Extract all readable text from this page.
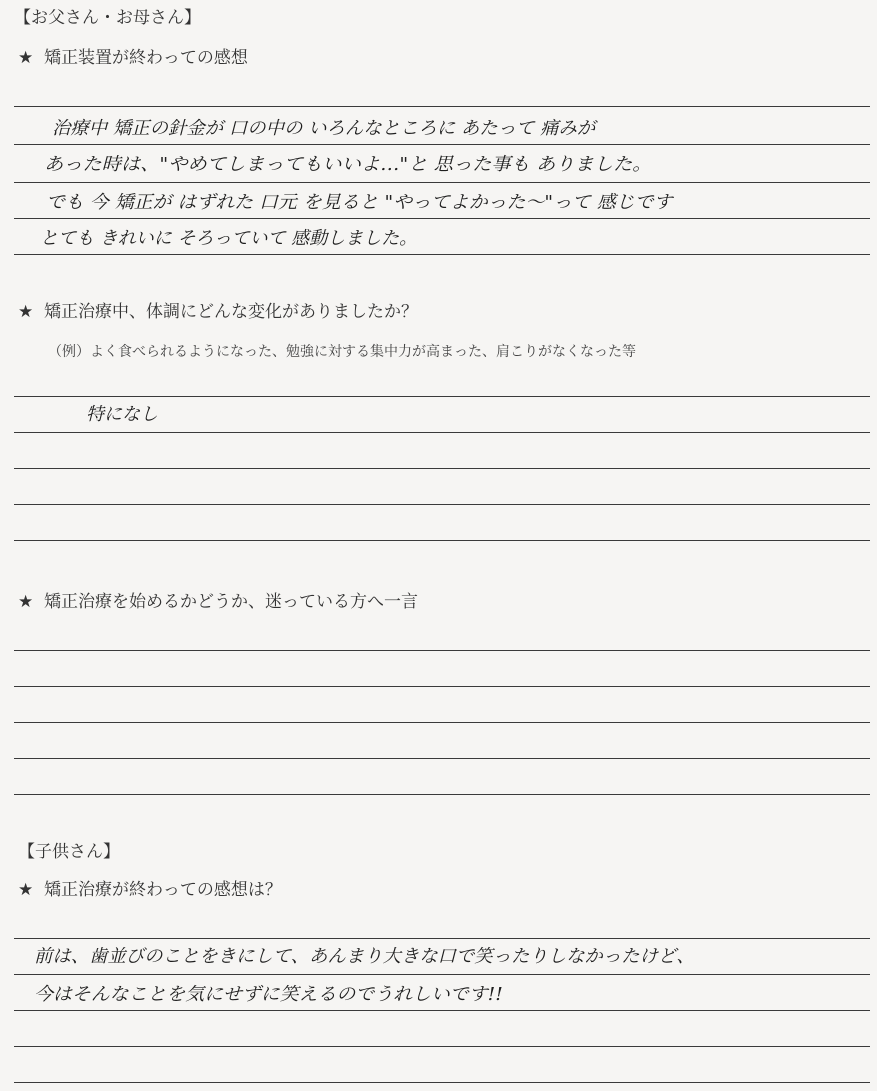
【お父さん・お母さん】
★ 矯正装置が終わっての感想
治療中 矯正の針金が 口の中の いろんなところに あたって 痛みが
あった時は、"やめてしまってもいいよ…"と 思った事も ありました。
でも 今 矯正が はずれた 口元 を見ると "やってよかった〜"って 感じです
とても きれいに そろっていて 感動しました。
★ 矯正治療中、体調にどんな変化がありましたか？
（例）よく食べられるようになった、勉強に対する集中力が高まった、肩こりがなくなった等
特になし
★ 矯正治療を始めるかどうか、迷っている方へ一言
【子供さん】
★ 矯正治療が終わっての感想は？
前は、歯並びのことをきにして、あんまり大きな口で笑ったりしなかったけど、
今はそんなことを気にせずに笑えるのでうれしいです!!
